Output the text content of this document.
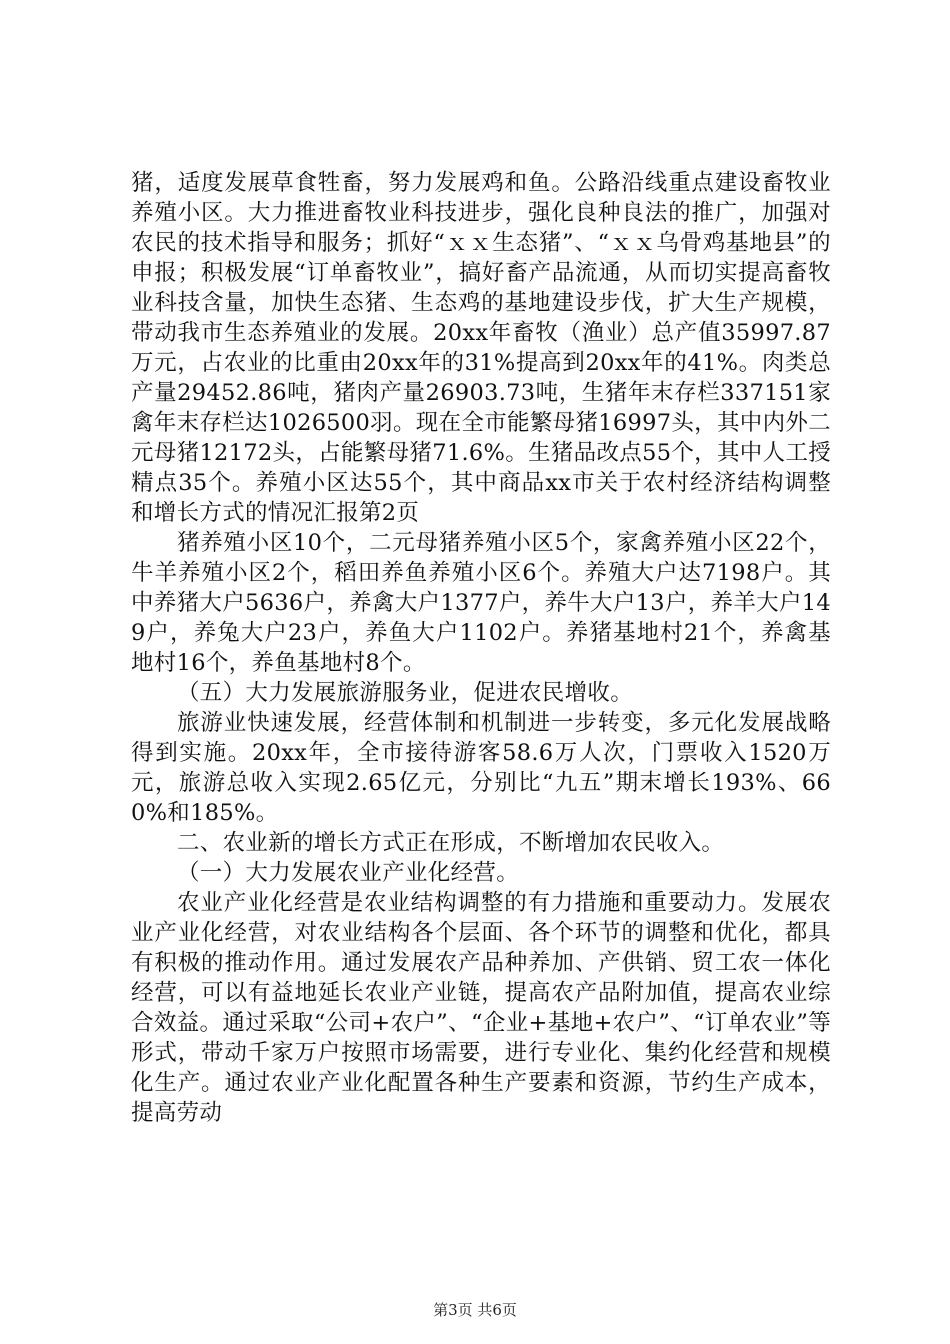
猪，适度发展草食牲畜，努力发展鸡和鱼。公路沿线重点建设畜牧业养殖小区。大力推进畜牧业科技进步，强化良种良法的推广，加强对农民的技术指导和服务；抓好“ｘｘ生态猪”、“ｘｘ乌骨鸡基地县”的申报；积极发展“订单畜牧业”，搞好畜产品流通，从而切实提高畜牧业科技含量，加快生态猪、生态鸡的基地建设步伐，扩大生产规模，带动我市生态养殖业的发展。20xx年畜牧（渔业）总产值35997.87万元，占农业的比重由20xx年的31%提高到20xx年的41%。肉类总产量29452.86吨，猪肉产量26903.73吨，生猪年末存栏337151家禽年末存栏达1026500羽。现在全市能繁母猪16997头，其中内外二元母猪12172头，占能繁母猪71.6%。生猪品改点55个，其中人工授精点35个。养殖小区达55个，其中商品xx市关于农村经济结构调整和增长方式的情况汇报第2页

猪养殖小区10个，二元母猪养殖小区5个，家禽养殖小区22个，牛羊养殖小区2个，稻田养鱼养殖小区6个。养殖大户达7198户。其中养猪大户5636户，养禽大户1377户，养牛大户13户，养羊大户149户，养兔大户23户，养鱼大户1102户。养猪基地村21个，养禽基地村16个，养鱼基地村8个。

（五）大力发展旅游服务业，促进农民增收。

旅游业快速发展，经营体制和机制进一步转变，多元化发展战略得到实施。20xx年，全市接待游客58.6万人次，门票收入1520万元，旅游总收入实现2.65亿元，分别比“九五”期末增长193%、660%和185%。

二、农业新的增长方式正在形成，不断增加农民收入。

（一）大力发展农业产业化经营。

农业产业化经营是农业结构调整的有力措施和重要动力。发展农业产业化经营，对农业结构各个层面、各个环节的调整和优化，都具有积极的推动作用。通过发展农产品种养加、产供销、贸工农一体化经营，可以有益地延长农业产业链，提高农产品附加值，提高农业综合效益。通过采取“公司+农户”、“企业+基地+农户”、“订单农业”等形式，带动千家万户按照市场需要，进行专业化、集约化经营和规模化生产。通过农业产业化配置各种生产要素和资源，节约生产成本，提高劳动

第3页 共6页
